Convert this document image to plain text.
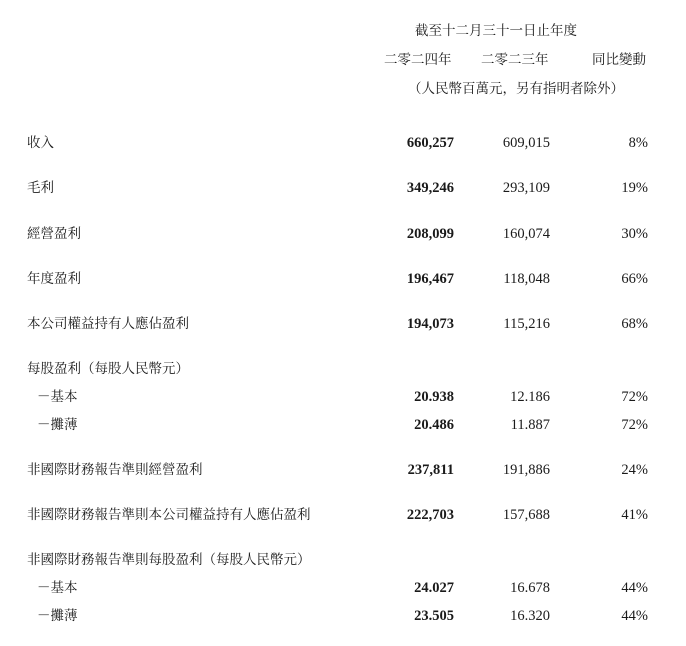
截至十二月三十一日止年度
二零二四年 二零二三年	同比變動
（人民幣百萬元，另有指明者除外）
收入	660,257	609,015	8%
毛利	349,246	293,109	19%
經營盈利	208,099	160,074	30%
年度盈利	196,467	118,048	66%
本公司權益持有人應佔盈利	194,073	115,216	68%
每股盈利（每股人民幣元）
－基本	20.938	12.186	72%
－攤薄	20.486	11.887	72%
非國際財務報告準則經營盈利	237,811	191,886	24%
非國際財務報告準則本公司權益持有人應佔盈利	222,703	157,688	41%
非國際財務報告準則每股盈利（每股人民幣元）
－基本	24.027	16.678	44%
－攤薄	23.505	16.320	44%
